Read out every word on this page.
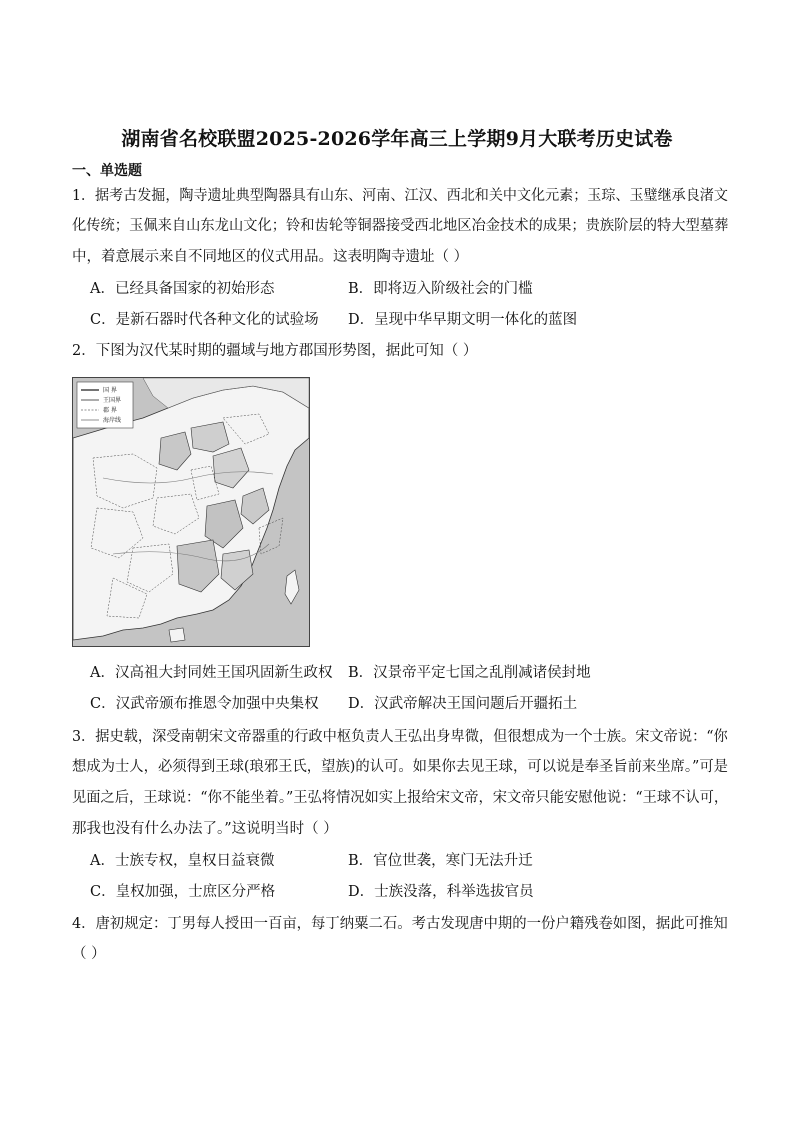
湖南省名校联盟2025-2026学年高三上学期9月大联考历史试卷
一、单选题
1．据考古发掘，陶寺遗址典型陶器具有山东、河南、江汉、西北和关中文化元素；玉琮、玉璧继承良渚文
化传统；玉佩来自山东龙山文化；铃和齿轮等铜器接受西北地区冶金技术的成果；贵族阶层的特大型墓葬
中，着意展示来自不同地区的仪式用品。这表明陶寺遗址（ ）
A．已经具备国家的初始形态	B．即将迈入阶级社会的门槛
C．是新石器时代各种文化的试验场 D．呈现中华早期文明一体化的蓝图
2．下图为汉代某时期的疆域与地方郡国形势图，据此可知（ ）
国 界
王国界
郡 界
海岸线
A．汉高祖大封同姓王国巩固新生政权 B．汉景帝平定七国之乱削减诸侯封地
C．汉武帝颁布推恩令加强中央集权 D．汉武帝解决王国问题后开疆拓土
3．据史载，深受南朝宋文帝器重的行政中枢负责人王弘出身卑微，但很想成为一个士族。宋文帝说：“你
想成为士人，必须得到王球(琅邪王氏，望族)的认可。如果你去见王球，可以说是奉圣旨前来坐席。”可是
见面之后，王球说：“你不能坐着。”王弘将情况如实上报给宋文帝，宋文帝只能安慰他说：“王球不认可，
那我也没有什么办法了。”这说明当时（ ）
A．士族专权，皇权日益衰微	B．官位世袭，寒门无法升迁
C．皇权加强，士庶区分严格	D．士族没落，科举选拔官员
4．唐初规定：丁男每人授田一百亩，每丁纳粟二石。考古发现唐中期的一份户籍残卷如图，据此可推知
（ ）
